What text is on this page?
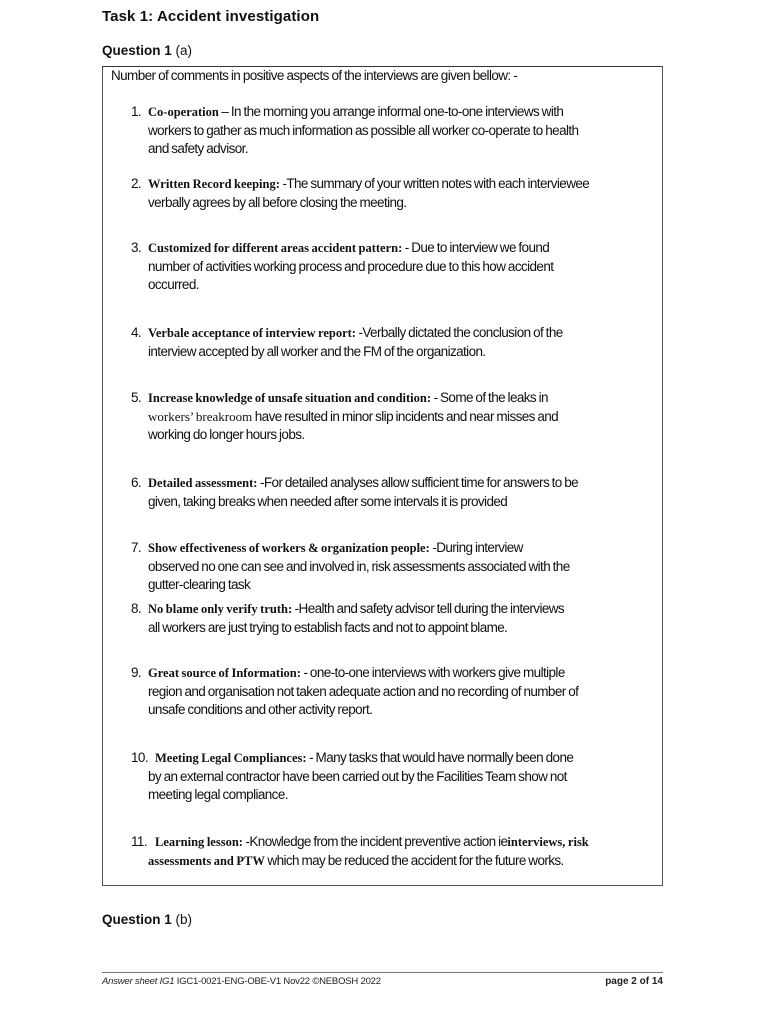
Task 1: Accident investigation
Question 1 (a)
Number of comments in positive aspects of the interviews are given bellow: -
1. Co-operation – In the morning you arrange informal one-to-one interviews with
workers to gather as much information as possible all worker co-operate to health
and safety advisor.
2. Written Record keeping: -The summary of your written notes with each interviewee
verbally agrees by all before closing the meeting.
3. Customized for different areas accident pattern: - Due to interview we found
number of activities working process and procedure due to this how accident
occurred.
4. Verbale acceptance of interview report: -Verbally dictated the conclusion of the
interview accepted by all worker and the FM of the organization.
5. Increase knowledge of unsafe situation and condition: - Some of the leaks in
workers’ breakroom have resulted in minor slip incidents and near misses and
working do longer hours jobs.
6. Detailed assessment: -For detailed analyses allow sufficient time for answers to be
given, taking breaks when needed after some intervals it is provided
7. Show effectiveness of workers & organization people: -During interview
observed no one can see and involved in, risk assessments associated with the
gutter-clearing task
8. No blame only verify truth: -Health and safety advisor tell during the interviews
all workers are just trying to establish facts and not to appoint blame.
9. Great source of Information: - one-to-one interviews with workers give multiple
region and organisation not taken adequate action and no recording of number of
unsafe conditions and other activity report.
10. Meeting Legal Compliances: - Many tasks that would have normally been done
by an external contractor have been carried out by the Facilities Team show not
meeting legal compliance.
11. Learning lesson: -Knowledge from the incident preventive action ieinterviews, risk
assessments and PTW which may be reduced the accident for the future works.
Question 1 (b)
Answer sheet IG1 IGC1-0021-ENG-OBE-V1 Nov22 ©NEBOSH 2022	page 2 of 14
